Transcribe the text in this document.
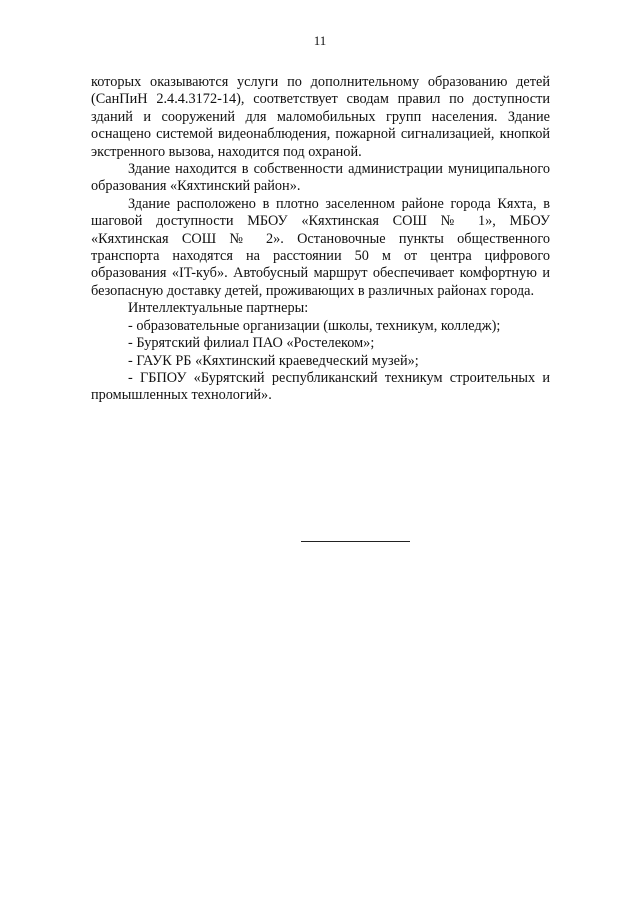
11

которых оказываются услуги по дополнительному образованию детей (СанПиН 2.4.4.3172-14), соответствует сводам правил по доступности зданий и сооружений для маломобильных групп населения. Здание оснащено системой видеонаблюдения, пожарной сигнализацией, кнопкой экстренного вызова, находится под охраной.

Здание находится в собственности администрации муниципального образования «Кяхтинский район».

Здание расположено в плотно заселенном районе города Кяхта, в шаговой доступности МБОУ «Кяхтинская СОШ № 1», МБОУ «Кяхтинская СОШ № 2». Остановочные пункты общественного транспорта находятся на расстоянии 50 м от центра цифрового образования «IT-куб». Автобусный маршрут обеспечивает комфортную и безопасную доставку детей, проживающих в различных районах города.

Интеллектуальные партнеры:

- образовательные организации (школы, техникум, колледж);

- Бурятский филиал ПАО «Ростелеком»;

- ГАУК РБ «Кяхтинский краеведческий музей»;

- ГБПОУ «Бурятский республиканский техникум строительных и промышленных технологий».
